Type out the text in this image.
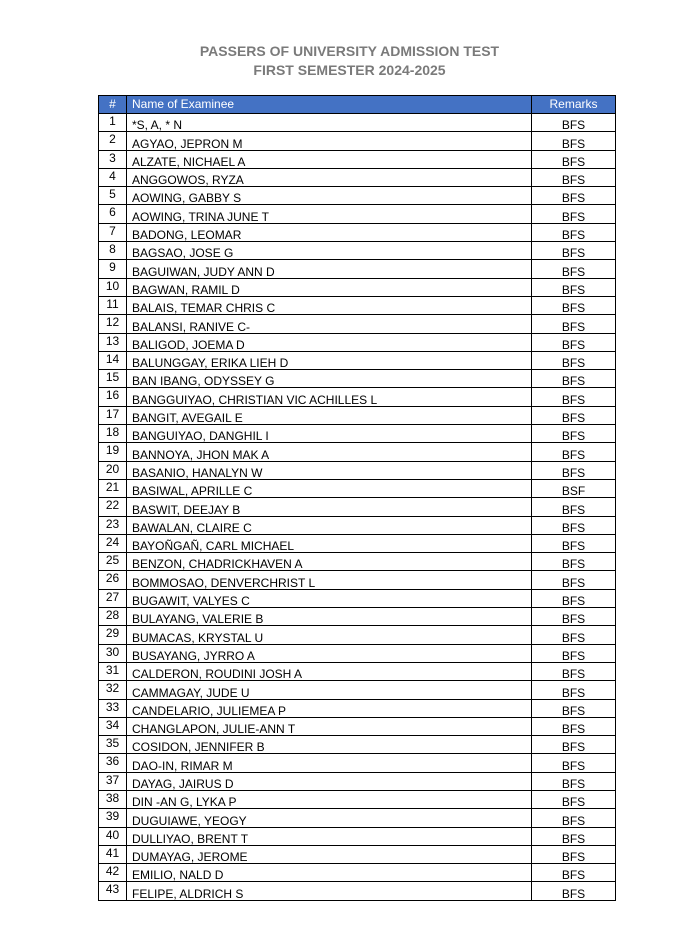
PASSERS OF UNIVERSITY ADMISSION TEST
FIRST SEMESTER 2024-2025
#	Name of Examinee	Remarks
1	*S, A, * N	BFS
2	AGYAO, JEPRON M	BFS
3	ALZATE, NICHAEL A	BFS
4	ANGGOWOS, RYZA	BFS
5	AOWING, GABBY S	BFS
6	AOWING, TRINA JUNE T	BFS
7	BADONG, LEOMAR	BFS
8	BAGSAO, JOSE G	BFS
9	BAGUIWAN, JUDY ANN D	BFS
10	BAGWAN, RAMIL D	BFS
11	BALAIS, TEMAR CHRIS C	BFS
12	BALANSI, RANIVE C-	BFS
13	BALIGOD, JOEMA D	BFS
14	BALUNGGAY, ERIKA LIEH D	BFS
15	BAN IBANG, ODYSSEY G	BFS
16	BANGGUIYAO, CHRISTIAN VIC ACHILLES L	BFS
17	BANGIT, AVEGAIL E	BFS
18	BANGUIYAO, DANGHIL I	BFS
19	BANNOYA, JHON MAK A	BFS
20	BASANIO, HANALYN W	BFS
21	BASIWAL, APRILLE C	BSF
22	BASWIT, DEEJAY B	BFS
23	BAWALAN, CLAIRE C	BFS
24	BAYOÑGAÑ, CARL MICHAEL	BFS
25	BENZON, CHADRICKHAVEN A	BFS
26	BOMMOSAO, DENVERCHRIST L	BFS
27	BUGAWIT, VALYES C	BFS
28	BULAYANG, VALERIE B	BFS
29	BUMACAS, KRYSTAL U	BFS
30	BUSAYANG, JYRRO A	BFS
31	CALDERON, ROUDINI JOSH A	BFS
32	CAMMAGAY, JUDE U	BFS
33	CANDELARIO, JULIEMEA P	BFS
34	CHANGLAPON, JULIE-ANN T	BFS
35	COSIDON, JENNIFER B	BFS
36	DAO-IN, RIMAR M	BFS
37	DAYAG, JAIRUS D	BFS
38	DIN -AN G, LYKA P	BFS
39	DUGUIAWE, YEOGY	BFS
40	DULLIYAO, BRENT T	BFS
41	DUMAYAG, JEROME	BFS
42	EMILIO, NALD D	BFS
43	FELIPE, ALDRICH S	BFS
